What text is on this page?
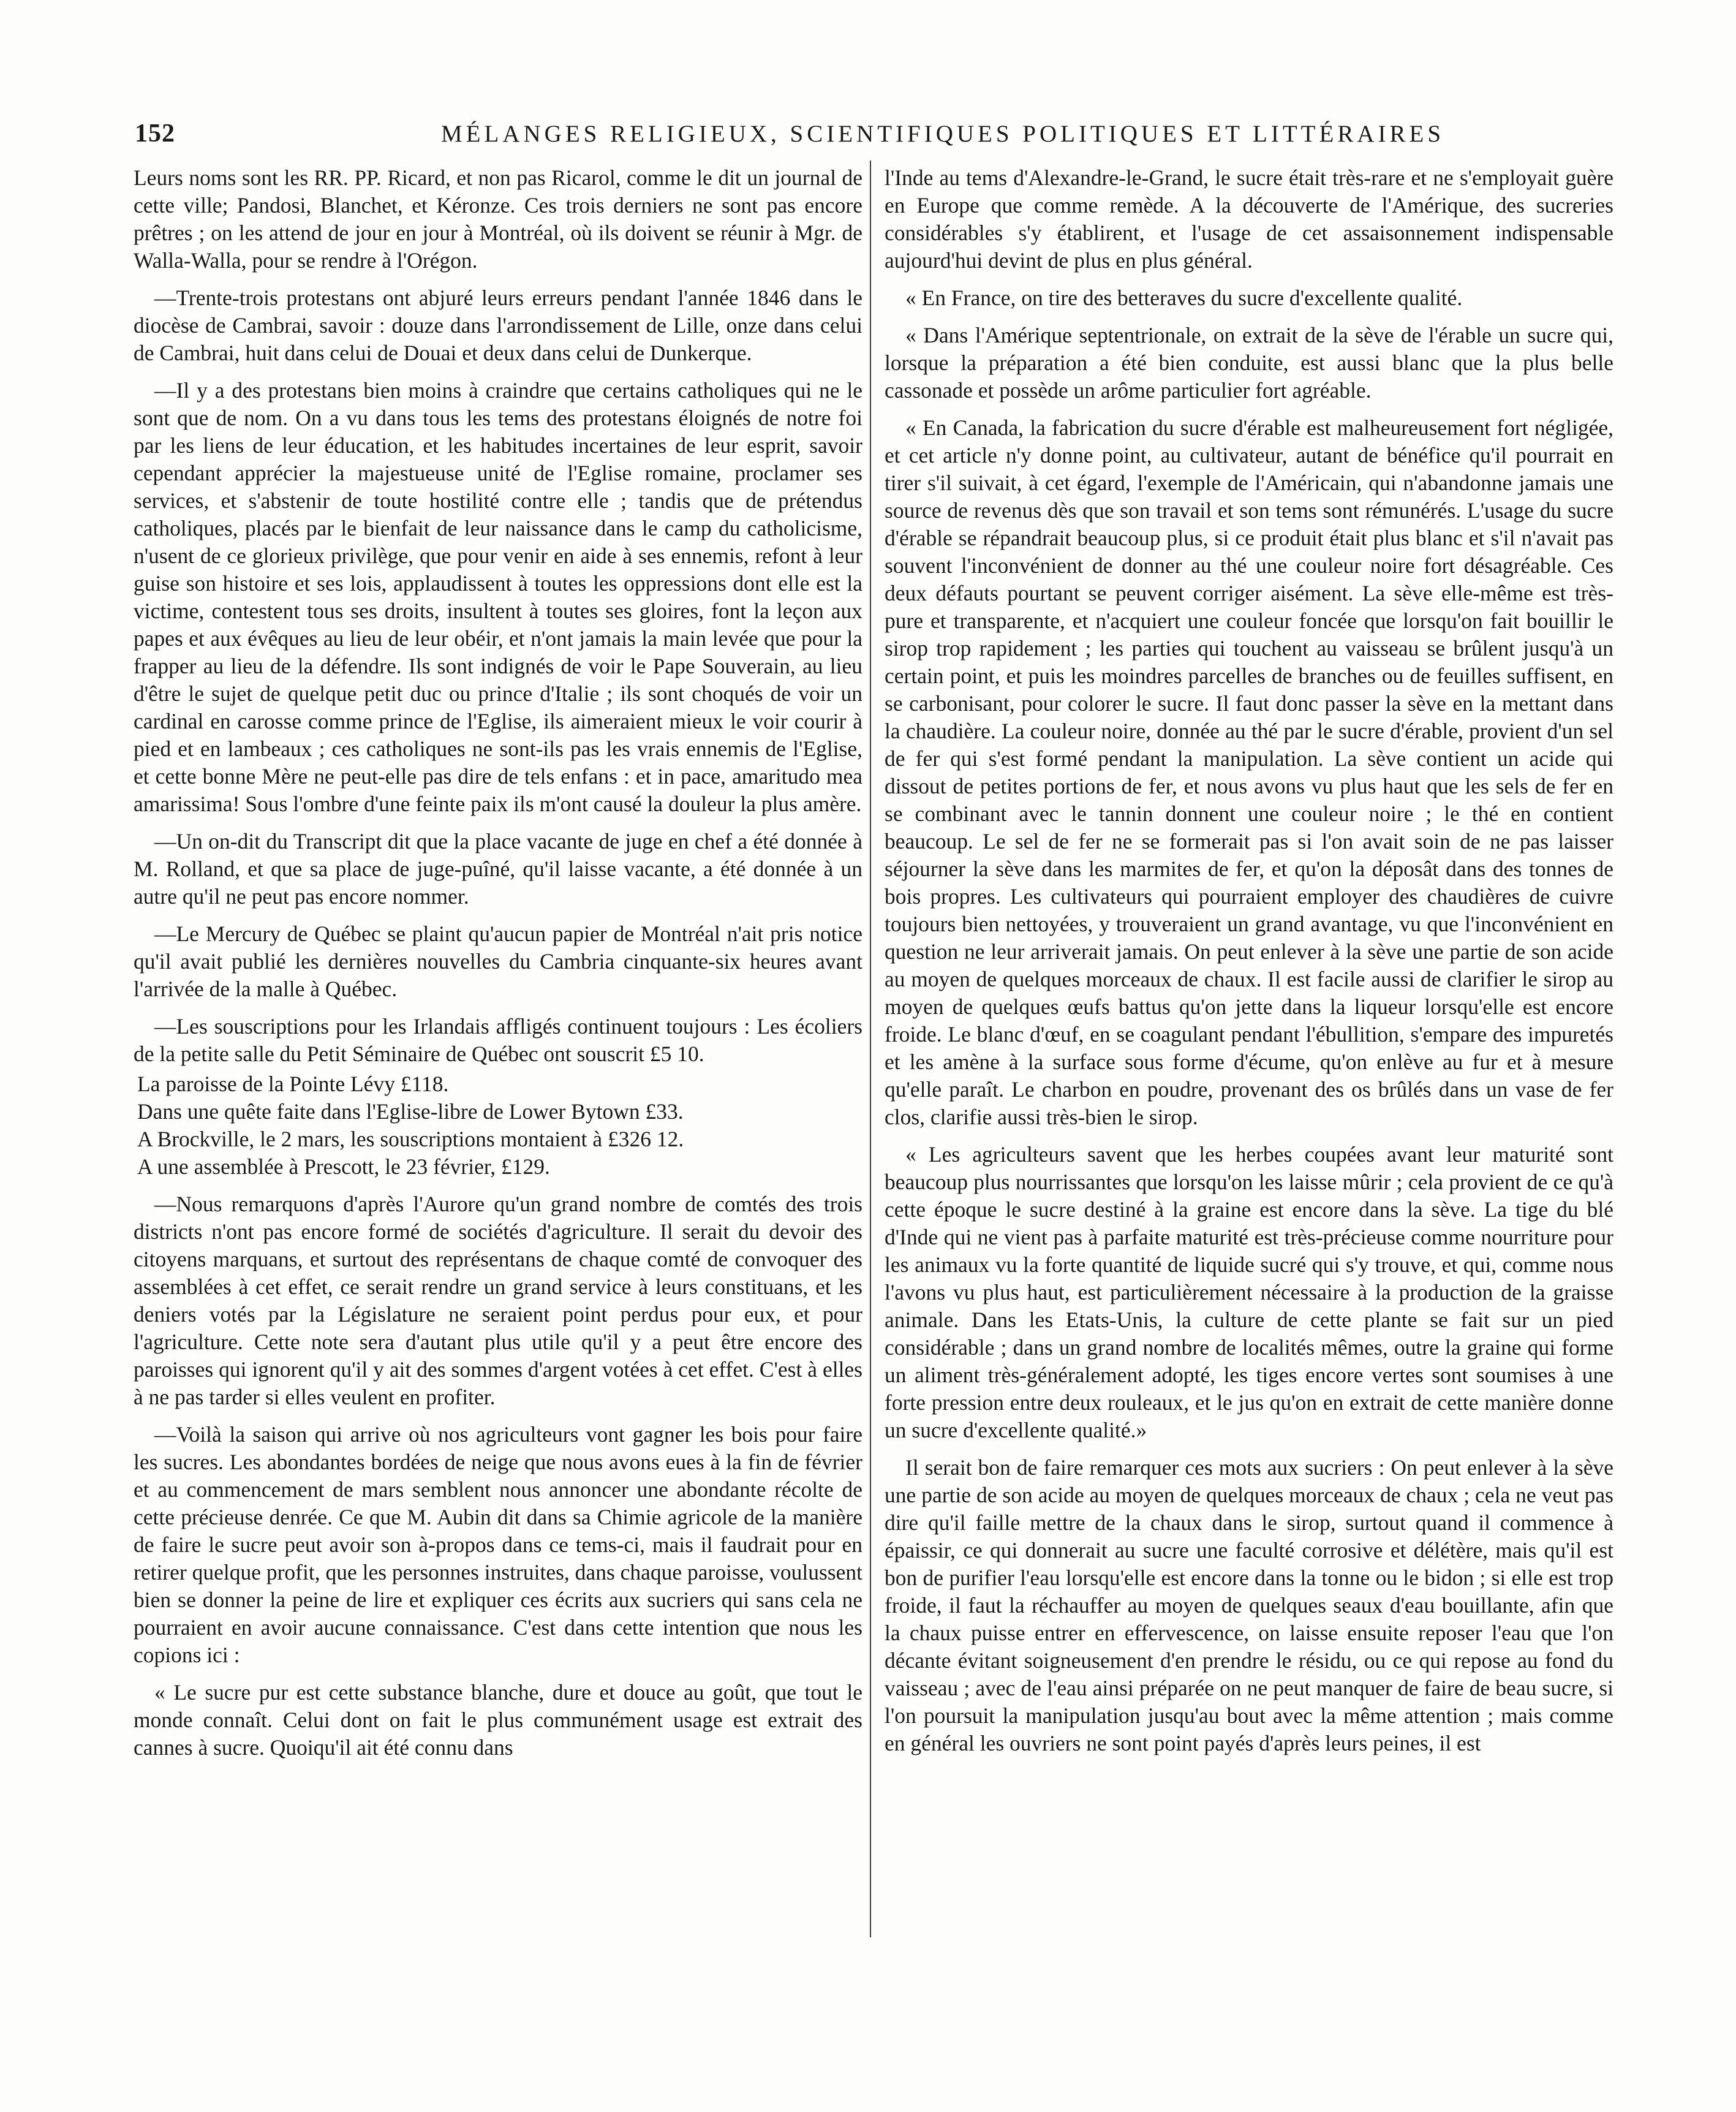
152	MÉLANGES RELIGIEUX, SCIENTIFIQUES POLITIQUES ET LITTÉRAIRES

Leurs noms sont les RR. PP. Ricard, et non pas Ricarol, comme le dit un journal de cette ville; Pandosi, Blanchet, et Kéronze. Ces trois derniers ne sont pas encore prêtres ; on les attend de jour en jour à Montréal, où ils doivent se réunir à Mgr. de Walla-Walla, pour se rendre à l'Orégon.

—Trente-trois protestans ont abjuré leurs erreurs pendant l'année 1846 dans le diocèse de Cambrai, savoir : douze dans l'arrondissement de Lille, onze dans celui de Cambrai, huit dans celui de Douai et deux dans celui de Dunkerque.

—Il y a des protestans bien moins à craindre que certains catholiques qui ne le sont que de nom. On a vu dans tous les tems des protestans éloignés de notre foi par les liens de leur éducation, et les habitudes incertaines de leur esprit, savoir cependant apprécier la majestueuse unité de l'Eglise romaine, proclamer ses services, et s'abstenir de toute hostilité contre elle ; tandis que de prétendus catholiques, placés par le bienfait de leur naissance dans le camp du catholicisme, n'usent de ce glorieux privilège, que pour venir en aide à ses ennemis, refont à leur guise son histoire et ses lois, applaudissent à toutes les oppressions dont elle est la victime, contestent tous ses droits, insultent à toutes ses gloires, font la leçon aux papes et aux évêques au lieu de leur obéir, et n'ont jamais la main levée que pour la frapper au lieu de la défendre. Ils sont indignés de voir le Pape Souverain, au lieu d'être le sujet de quelque petit duc ou prince d'Italie ; ils sont choqués de voir un cardinal en carosse comme prince de l'Eglise, ils aimeraient mieux le voir courir à pied et en lambeaux ; ces catholiques ne sont-ils pas les vrais ennemis de l'Eglise, et cette bonne Mère ne peut-elle pas dire de tels enfans : et in pace, amaritudo mea amarissima! Sous l'ombre d'une feinte paix ils m'ont causé la douleur la plus amère.

—Un on-dit du Transcript dit que la place vacante de juge en chef a été donnée à M. Rolland, et que sa place de juge-puîné, qu'il laisse vacante, a été donnée à un autre qu'il ne peut pas encore nommer.

—Le Mercury de Québec se plaint qu'aucun papier de Montréal n'ait pris notice qu'il avait publié les dernières nouvelles du Cambria cinquante-six heures avant l'arrivée de la malle à Québec.

—Les souscriptions pour les Irlandais affligés continuent toujours : Les écoliers de la petite salle du Petit Séminaire de Québec ont souscrit £5 10.

La paroisse de la Pointe Lévy £118.

Dans une quête faite dans l'Eglise-libre de Lower Bytown £33.

A Brockville, le 2 mars, les souscriptions montaient à £326 12.

A une assemblée à Prescott, le 23 février, £129.

—Nous remarquons d'après l'Aurore qu'un grand nombre de comtés des trois districts n'ont pas encore formé de sociétés d'agriculture. Il serait du devoir des citoyens marquans, et surtout des représentans de chaque comté de convoquer des assemblées à cet effet, ce serait rendre un grand service à leurs constituans, et les deniers votés par la Législature ne seraient point perdus pour eux, et pour l'agriculture. Cette note sera d'autant plus utile qu'il y a peut être encore des paroisses qui ignorent qu'il y ait des sommes d'argent votées à cet effet. C'est à elles à ne pas tarder si elles veulent en profiter.

—Voilà la saison qui arrive où nos agriculteurs vont gagner les bois pour faire les sucres. Les abondantes bordées de neige que nous avons eues à la fin de février et au commencement de mars semblent nous annoncer une abondante récolte de cette précieuse denrée. Ce que M. Aubin dit dans sa Chimie agricole de la manière de faire le sucre peut avoir son à-propos dans ce tems-ci, mais il faudrait pour en retirer quelque profit, que les personnes instruites, dans chaque paroisse, voulussent bien se donner la peine de lire et expliquer ces écrits aux sucriers qui sans cela ne pourraient en avoir aucune connaissance. C'est dans cette intention que nous les copions ici :

« Le sucre pur est cette substance blanche, dure et douce au goût, que tout le monde connaît. Celui dont on fait le plus communément usage est extrait des cannes à sucre. Quoiqu'il ait été connu dans

l'Inde au tems d'Alexandre-le-Grand, le sucre était très-rare et ne s'employait guère en Europe que comme remède. A la découverte de l'Amérique, des sucreries considérables s'y établirent, et l'usage de cet assaisonnement indispensable aujourd'hui devint de plus en plus général.

« En France, on tire des betteraves du sucre d'excellente qualité.

« Dans l'Amérique septentrionale, on extrait de la sève de l'érable un sucre qui, lorsque la préparation a été bien conduite, est aussi blanc que la plus belle cassonade et possède un arôme particulier fort agréable.

« En Canada, la fabrication du sucre d'érable est malheureusement fort négligée, et cet article n'y donne point, au cultivateur, autant de bénéfice qu'il pourrait en tirer s'il suivait, à cet égard, l'exemple de l'Américain, qui n'abandonne jamais une source de revenus dès que son travail et son tems sont rémunérés. L'usage du sucre d'érable se répandrait beaucoup plus, si ce produit était plus blanc et s'il n'avait pas souvent l'inconvénient de donner au thé une couleur noire fort désagréable. Ces deux défauts pourtant se peuvent corriger aisément. La sève elle-même est très-pure et transparente, et n'acquiert une couleur foncée que lorsqu'on fait bouillir le sirop trop rapidement ; les parties qui touchent au vaisseau se brûlent jusqu'à un certain point, et puis les moindres parcelles de branches ou de feuilles suffisent, en se carbonisant, pour colorer le sucre. Il faut donc passer la sève en la mettant dans la chaudière. La couleur noire, donnée au thé par le sucre d'érable, provient d'un sel de fer qui s'est formé pendant la manipulation. La sève contient un acide qui dissout de petites portions de fer, et nous avons vu plus haut que les sels de fer en se combinant avec le tannin donnent une couleur noire ; le thé en contient beaucoup. Le sel de fer ne se formerait pas si l'on avait soin de ne pas laisser séjourner la sève dans les marmites de fer, et qu'on la déposât dans des tonnes de bois propres. Les cultivateurs qui pourraient employer des chaudières de cuivre toujours bien nettoyées, y trouveraient un grand avantage, vu que l'inconvénient en question ne leur arriverait jamais. On peut enlever à la sève une partie de son acide au moyen de quelques morceaux de chaux. Il est facile aussi de clarifier le sirop au moyen de quelques œufs battus qu'on jette dans la liqueur lorsqu'elle est encore froide. Le blanc d'œuf, en se coagulant pendant l'ébullition, s'empare des impuretés et les amène à la surface sous forme d'écume, qu'on enlève au fur et à mesure qu'elle paraît. Le charbon en poudre, provenant des os brûlés dans un vase de fer clos, clarifie aussi très-bien le sirop.

« Les agriculteurs savent que les herbes coupées avant leur maturité sont beaucoup plus nourrissantes que lorsqu'on les laisse mûrir ; cela provient de ce qu'à cette époque le sucre destiné à la graine est encore dans la sève. La tige du blé d'Inde qui ne vient pas à parfaite maturité est très-précieuse comme nourriture pour les animaux vu la forte quantité de liquide sucré qui s'y trouve, et qui, comme nous l'avons vu plus haut, est particulièrement nécessaire à la production de la graisse animale. Dans les Etats-Unis, la culture de cette plante se fait sur un pied considérable ; dans un grand nombre de localités mêmes, outre la graine qui forme un aliment très-généralement adopté, les tiges encore vertes sont soumises à une forte pression entre deux rouleaux, et le jus qu'on en extrait de cette manière donne un sucre d'excellente qualité.»

Il serait bon de faire remarquer ces mots aux sucriers : On peut enlever à la sève une partie de son acide au moyen de quelques morceaux de chaux ; cela ne veut pas dire qu'il faille mettre de la chaux dans le sirop, surtout quand il commence à épaissir, ce qui donnerait au sucre une faculté corrosive et délétère, mais qu'il est bon de purifier l'eau lorsqu'elle est encore dans la tonne ou le bidon ; si elle est trop froide, il faut la réchauffer au moyen de quelques seaux d'eau bouillante, afin que la chaux puisse entrer en effervescence, on laisse ensuite reposer l'eau que l'on décante évitant soigneusement d'en prendre le résidu, ou ce qui repose au fond du vaisseau ; avec de l'eau ainsi préparée on ne peut manquer de faire de beau sucre, si l'on poursuit la manipulation jusqu'au bout avec la même attention ; mais comme en général les ouvriers ne sont point payés d'après leurs peines, il est
